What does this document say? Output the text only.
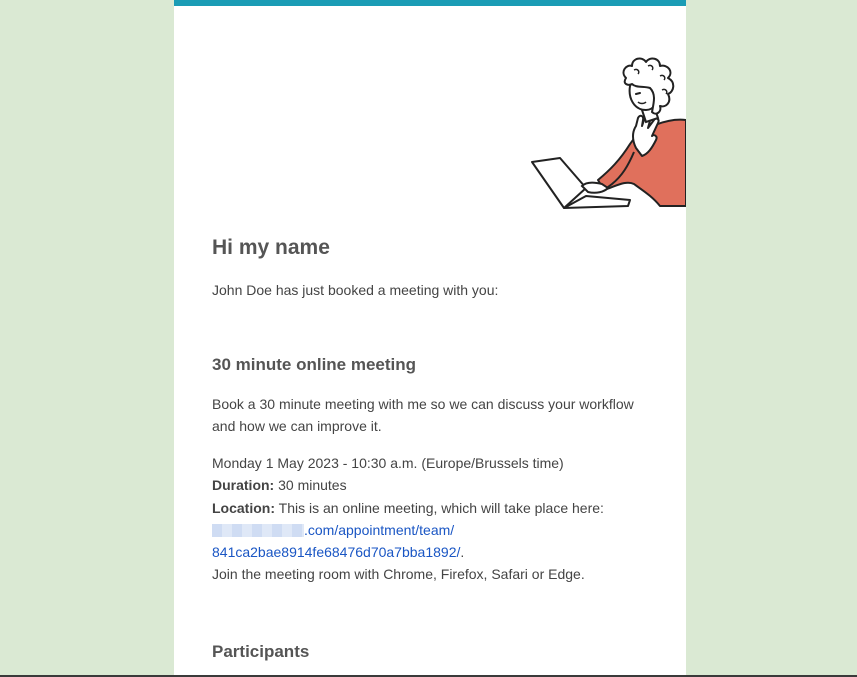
Hi my name
John Doe has just booked a meeting with you:
30 minute online meeting
Book a 30 minute meeting with me so we can discuss your workflow and how we can improve it.
Monday 1 May 2023 - 10:30 a.m. (Europe/Brussels time)
Duration: 30 minutes
Location: This is an online meeting, which will take place here:
.com/appointment/team/
841ca2bae8914fe68476d70a7bba1892/.
Join the meeting room with Chrome, Firefox, Safari or Edge.
Participants
